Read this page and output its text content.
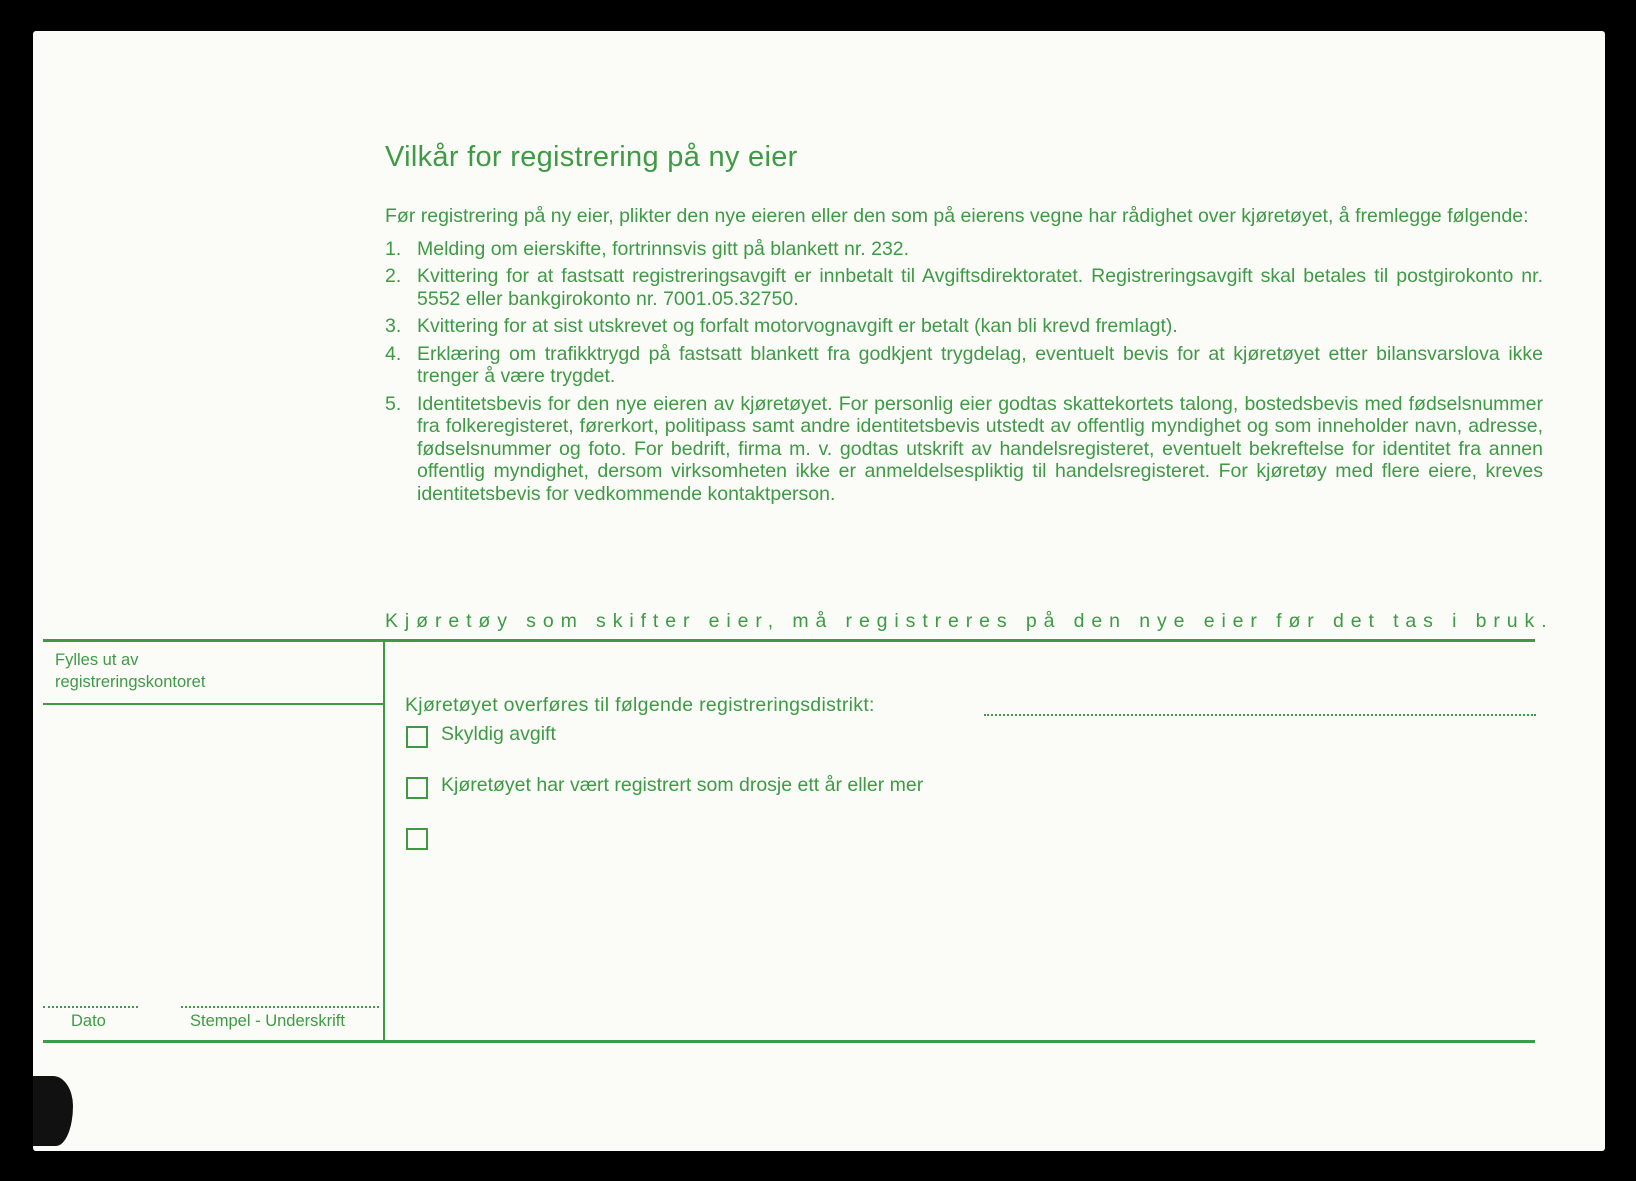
Vilkår for registrering på ny eier

Før registrering på ny eier, plikter den nye eieren eller den som på eierens vegne har rådighet over kjøretøyet, å fremlegge følgende:

1. Melding om eierskifte, fortrinnsvis gitt på blankett nr. 232.
2. Kvittering for at fastsatt registreringsavgift er innbetalt til Avgiftsdirektoratet. Registreringsavgift skal betales til postgirokonto nr. 5552 eller bankgirokonto nr. 7001.05.32750.
3. Kvittering for at sist utskrevet og forfalt motorvognavgift er betalt (kan bli krevd fremlagt).
4. Erklæring om trafikktrygd på fastsatt blankett fra godkjent trygdelag, eventuelt bevis for at kjøretøyet etter bilansvarslova ikke trenger å være trygdet.
5. Identitetsbevis for den nye eieren av kjøretøyet. For personlig eier godtas skattekortets talong, bostedsbevis med fødselsnummer fra folkeregisteret, førerkort, politipass samt andre identitetsbevis utstedt av offentlig myndighet og som inneholder navn, adresse, fødselsnummer og foto. For bedrift, firma m. v. godtas utskrift av handelsregisteret, eventuelt bekreftelse for identitet fra annen offentlig myndighet, dersom virksomheten ikke er anmeldelsespliktig til handelsregisteret. For kjøretøy med flere eiere, kreves identitetsbevis for vedkommende kontaktperson.
Kjøretøy som skifter eier, må registreres på den nye eier før det tas i bruk.
Fylles ut av
registreringskontoret
Dato	Stempel - Underskrift
Kjøretøyet overføres til følgende registreringsdistrikt:
Skyldig avgift
Kjøretøyet har vært registrert som drosje ett år eller mer
